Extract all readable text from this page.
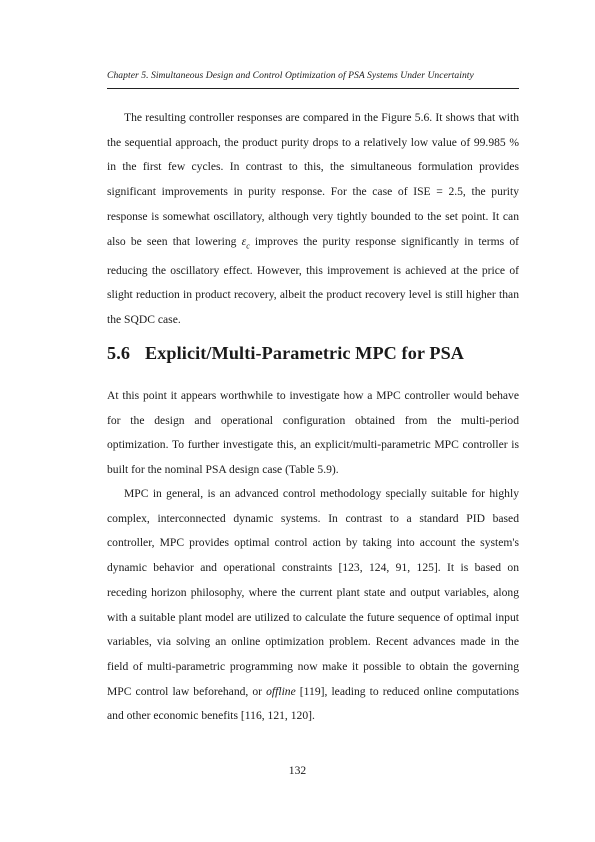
Chapter 5. Simultaneous Design and Control Optimization of PSA Systems Under Uncertainty

The resulting controller responses are compared in the Figure 5.6. It shows that with the sequential approach, the product purity drops to a relatively low value of 99.985 % in the first few cycles. In contrast to this, the simultaneous formulation provides significant improvements in purity response. For the case of ISE = 2.5, the purity response is somewhat oscillatory, although very tightly bounded to the set point. It can also be seen that lowering $\varepsilon_c$ improves the purity response significantly in terms of reducing the oscillatory effect. However, this improvement is achieved at the price of slight reduction in product recovery, albeit the product recovery level is still higher than the SQDC case.

5.6 Explicit/Multi-Parametric MPC for PSA

At this point it appears worthwhile to investigate how a MPC controller would behave for the design and operational configuration obtained from the multi-period optimization. To further investigate this, an explicit/multi-parametric MPC controller is built for the nominal PSA design case (Table 5.9).

MPC in general, is an advanced control methodology specially suitable for highly complex, interconnected dynamic systems. In contrast to a standard PID based controller, MPC provides optimal control action by taking into account the system's dynamic behavior and operational constraints [123, 124, 91, 125]. It is based on receding horizon philosophy, where the current plant state and output variables, along with a suitable plant model are utilized to calculate the future sequence of optimal input variables, via solving an online optimization problem. Recent advances made in the field of multi-parametric programming now make it possible to obtain the governing MPC control law beforehand, or offline [119], leading to reduced online computations and other economic benefits [116, 121, 120].

132
